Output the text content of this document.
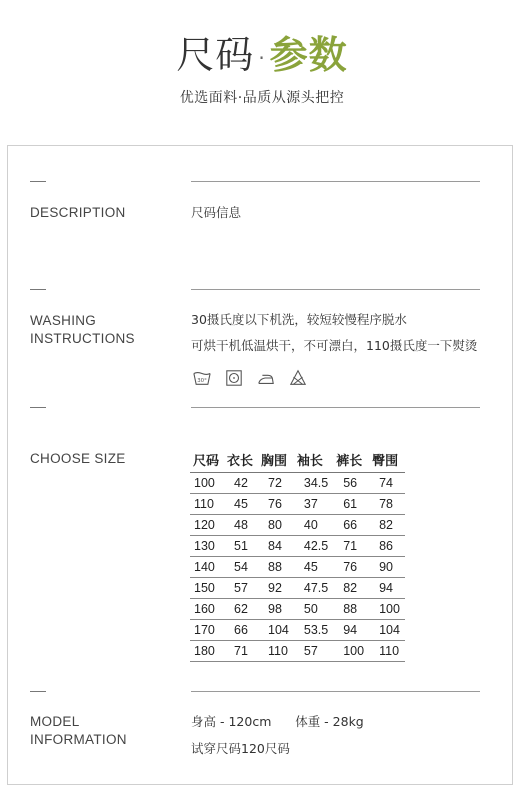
尺码 · 参数
优选面料·品质从源头把控
DESCRIPTION	尺码信息
WASHING
INSTRUCTIONS
30摄氏度以下机洗，较短较慢程序脱水
可烘干机低温烘干，不可漂白，110摄氏度一下熨烫
30°
CHOOSE SIZE	尺码	衣长	胸围	袖长	裤长	臀围
100	42	72	34.5	56	74
110	45	76	37	61	78
120	48	80	40	66	82
130	51	84	42.5	71	86
140	54	88	45	76	90
150	57	92	47.5	82	94
160	62	98	50	88	100
170	66	104	53.5	94	104
180	71	110	57	100	110
MODEL
INFORMATION
身高 - 120cm      体重 - 28kg
试穿尺码120尺码
